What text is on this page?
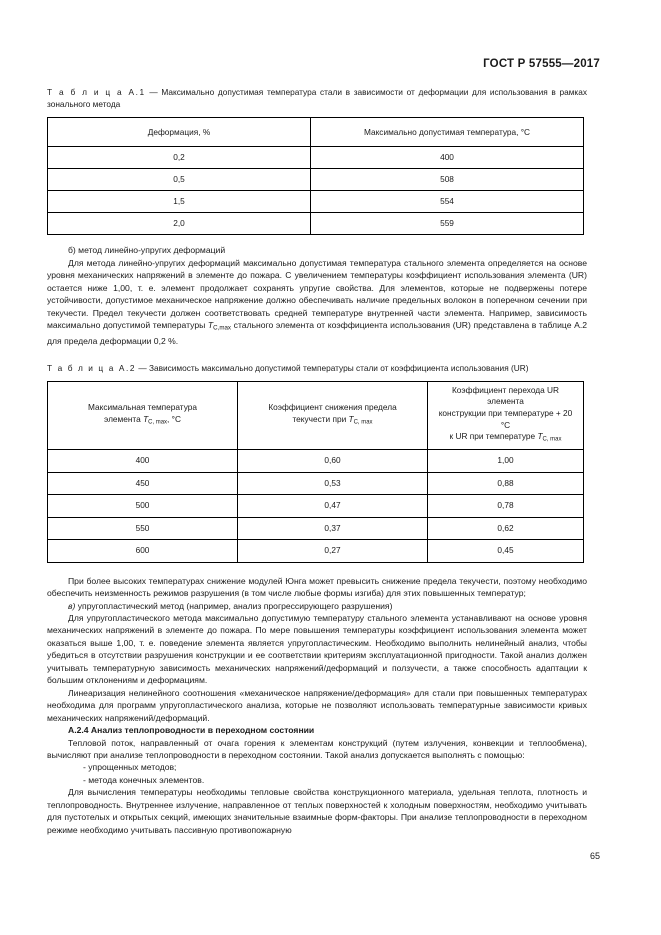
ГОСТ Р 57555—2017

Т а б л и ц а А.1 — Максимально допустимая температура стали в зависимости от деформации для использования в рамках зонального метода

Деформация, %	Максимально допустимая температура, °C
0,2	400
0,5	508
1,5	554
2,0	559

б) метод линейно-упругих деформаций

Для метода линейно-упругих деформаций максимально допустимая температура стального элемента определяется на основе уровня механических напряжений в элементе до пожара. С увеличением температуры коэффициент использования элемента (UR) остается ниже 1,00, т. е. элемент продолжает сохранять упругие свойства. Для элементов, которые не подвержены потере устойчивости, допустимое механическое напряжение должно обеспечивать наличие предельных волокон в поперечном сечении при текучести. Предел текучести должен соответствовать средней температуре внутренней части элемента. Например, зависимость максимально допустимой температуры $T_{C,max}$ стального элемента от коэффициента использования (UR) представлена в таблице А.2 для предела деформации 0,2 %.

Т а б л и ц а А.2 — Зависимость максимально допустимой температуры стали от коэффициента использования (UR)

Максимальная температура
элемента $T_{C, max}$, °C	Коэффициент снижения предела
текучести при $T_{C, max}$	Коэффициент перехода UR элемента
конструкции при температуре + 20 °C
к UR при температуре $T_{C, max}$
400	0,60	1,00
450	0,53	0,88
500	0,47	0,78
550	0,37	0,62
600	0,27	0,45

При более высоких температурах снижение модулей Юнга может превысить снижение предела текучести, поэтому необходимо обеспечить неизменность режимов разрушения (в том числе любые формы изгиба) для этих повышенных температур;

в) упругопластический метод (например, анализ прогрессирующего разрушения)

Для упругопластического метода максимально допустимую температуру стального элемента устанавливают на основе уровня механических напряжений в элементе до пожара. По мере повышения температуры коэффициент использования элемента может оказаться выше 1,00, т. е. поведение элемента является упругопластическим. Необходимо выполнить нелинейный анализ, чтобы убедиться в отсутствии разрушения конструкции и ее соответствии критериям эксплуатационной пригодности. Такой анализ должен учитывать температурную зависимость механических напряжений/деформаций и ползучести, а также способность адаптации к большим отклонениям и деформациям.

Линеаризация нелинейного соотношения «механическое напряжение/деформация» для стали при повышенных температурах необходима для программ упругопластического анализа, которые не позволяют использовать температурные зависимости кривых механических напряжений/деформаций.

А.2.4 Анализ теплопроводности в переходном состоянии

Тепловой поток, направленный от очага горения к элементам конструкций (путем излучения, конвекции и теплообмена), вычисляют при анализе теплопроводности в переходном состоянии. Такой анализ допускается выполнять с помощью:

- упрощенных методов;

- метода конечных элементов.

Для вычисления температуры необходимы тепловые свойства конструкционного материала, удельная теплота, плотность и теплопроводность. Внутреннее излучение, направленное от теплых поверхностей к холодным поверхностям, необходимо учитывать для пустотелых и открытых секций, имеющих значительные взаимные форм-факторы. При анализе теплопроводности в переходном режиме необходимо учитывать пассивную противопожарную

65
